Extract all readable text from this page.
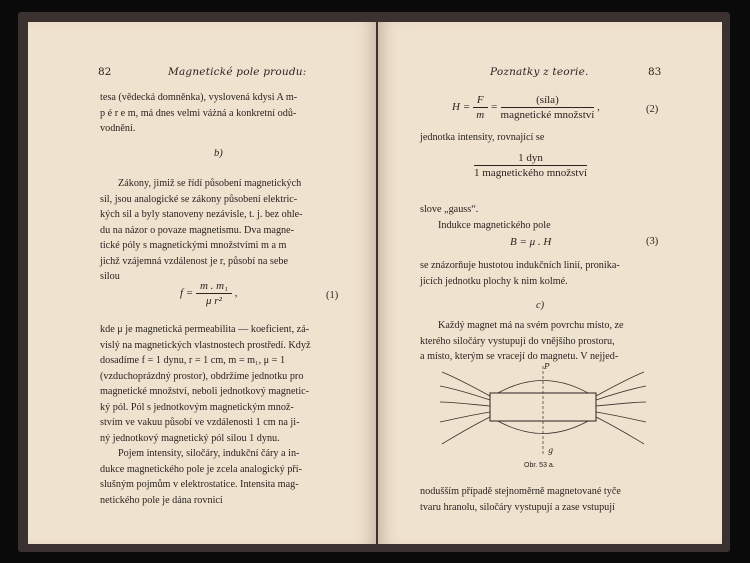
82	Magnetické pole proudu:
tesa (vědecká domněnka), vyslovená kdysi A m-
p é r e m, má dnes velmi váżná a konkretní odů-
vodnění.
b)
Zákony, jimiž se řídí působení magnetických
sil, jsou analogické se zákony působení elektric-
kých sil a byly stanoveny nezávisle, t. j. bez ohle-
du na názor o povaze magnetismu. Dva magne-
tické póly s magnetickými množstvími m a m
jichž vzájemná vzdálenost je r, působí na sebe
silou
$f = \frac{\text{m . m₁}}{\text{μ r²}}$ ,	(1)
kde μ je magnetická permeabilita — koeficient, zá-
vislý na magnetických vlastnostech prostředí. Když
dosadíme f = 1 dynu, r = 1 cm, m = m₁, μ = 1
(vzduchoprázdný prostor), obdržíme jednotku pro
magnetické množství, neboli jednotkový magnetic-
ký pól. Pól s jednotkovým magnetickým množ-
stvím ve vakuu působí ve vzdálenosti 1 cm na ji-
ný jednotkový magnetický pól silou 1 dynu.
Pojem intensity, siločáry, indukční čáry a in-
dukce magnetického pole je zcela analogický pří-
slušným pojmům v elektrostatice. Intensita mag-
netického pole je dána rovnicí
Poznatky z teorie.	83
$H = \frac{F}{m} = \frac{\text{(síla)}}{\text{magnetické množství}}$ ,	(2)
jednotka intensity, rovnající se
$\frac{\text{1 dyn}}{\text{1 magnetického množství}}$
slove „gauss“.
Indukce magnetického pole
B = μ . H	(3)
se znázorňuje hustotou indukčních linií, pronika-
jících jednotku plochy k nim kolmé.
c)
Každý magnet má na svém povrchu místo, ze
kterého siločáry vystupují do vnějšího prostoru,
a místo, kterým se vracejí do magnetu. V nejjed-
P
g
Obr. 53 a.
nodušším případě stejnoměrně magnetované tyče
tvaru hranolu, siločáry vystupují a zase vstupují
